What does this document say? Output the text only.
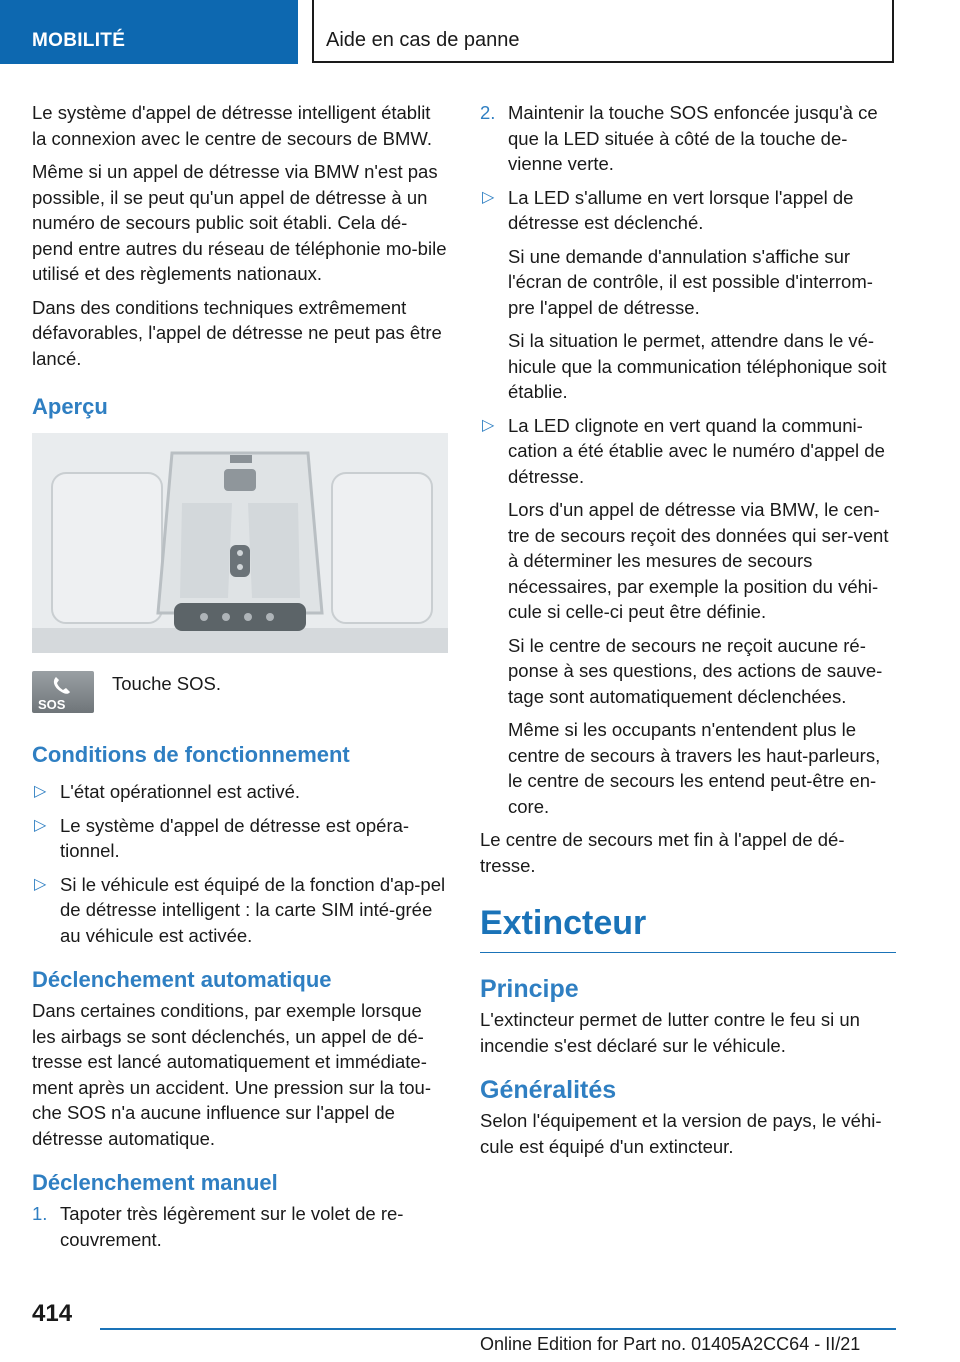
MOBILITÉ	Aide en cas de panne

Le système d'appel de détresse intelligent établit la connexion avec le centre de secours de BMW.

Même si un appel de détresse via BMW n'est pas possible, il se peut qu'un appel de détresse à un numéro de secours public soit établi. Cela dé-pend entre autres du réseau de téléphonie mo-bile utilisé et des règlements nationaux.

Dans des conditions techniques extrêmement défavorables, l'appel de détresse ne peut pas être lancé.

Aperçu
SOS
Touche SOS.
Conditions de fonctionnement
▷ L'état opérationnel est activé.
▷ Le système d'appel de détresse est opéra-tionnel.
▷ Si le véhicule est équipé de la fonction d'ap-pel de détresse intelligent : la carte SIM inté-grée au véhicule est activée.
Déclenchement automatique

Dans certaines conditions, par exemple lorsque les airbags se sont déclenchés, un appel de dé-tresse est lancé automatiquement et immédiate-ment après un accident. Une pression sur la tou-che SOS n'a aucune influence sur l'appel de détresse automatique.

Déclenchement manuel
1. Tapoter très légèrement sur le volet de re-couvrement.
2. Maintenir la touche SOS enfoncée jusqu'à ce que la LED située à côté de la touche de-vienne verte.
▷ La LED s'allume en vert lorsque l'appel de détresse est déclenché.

Si une demande d'annulation s'affiche sur l'écran de contrôle, il est possible d'interrom-pre l'appel de détresse.

Si la situation le permet, attendre dans le vé-hicule que la communication téléphonique soit établie.

▷ La LED clignote en vert quand la communi-cation a été établie avec le numéro d'appel de détresse.

Lors d'un appel de détresse via BMW, le cen-tre de secours reçoit des données qui ser-vent à déterminer les mesures de secours nécessaires, par exemple la position du véhi-cule si celle-ci peut être définie.

Si le centre de secours ne reçoit aucune ré-ponse à ses questions, des actions de sauve-tage sont automatiquement déclenchées.

Même si les occupants n'entendent plus le centre de secours à travers les haut-parleurs, le centre de secours les entend peut-être en-core.

Le centre de secours met fin à l'appel de dé-tresse.

Extincteur
Principe

L'extincteur permet de lutter contre le feu si un incendie s'est déclaré sur le véhicule.

Généralités

Selon l'équipement et la version de pays, le véhi-cule est équipé d'un extincteur.

414
Online Edition for Part no. 01405A2CC64 - II/21
